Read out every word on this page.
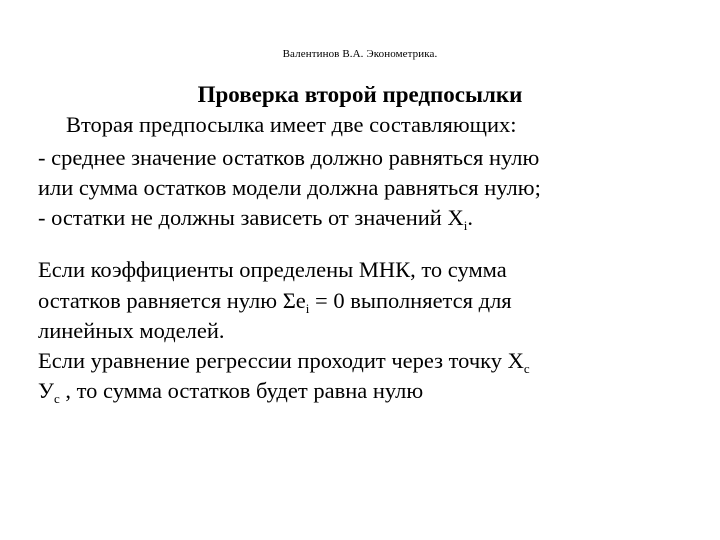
Валентинов В.А. Эконометрика.
Проверка второй предпосылки
Вторая предпосылка имеет две составляющих:
- среднее значение остатков должно равняться нулю
или сумма остатков модели должна равняться нулю;
- остатки не должны зависеть от значений $X_i$.
Если коэффициенты определены МНК, то сумма
остатков равняется нулю $\Sigma e_i = 0$ выполняется для
линейных моделей.
Если уравнение регрессии проходит через точку $X_c$
$У_c$ , то сумма остатков будет равна нулю
